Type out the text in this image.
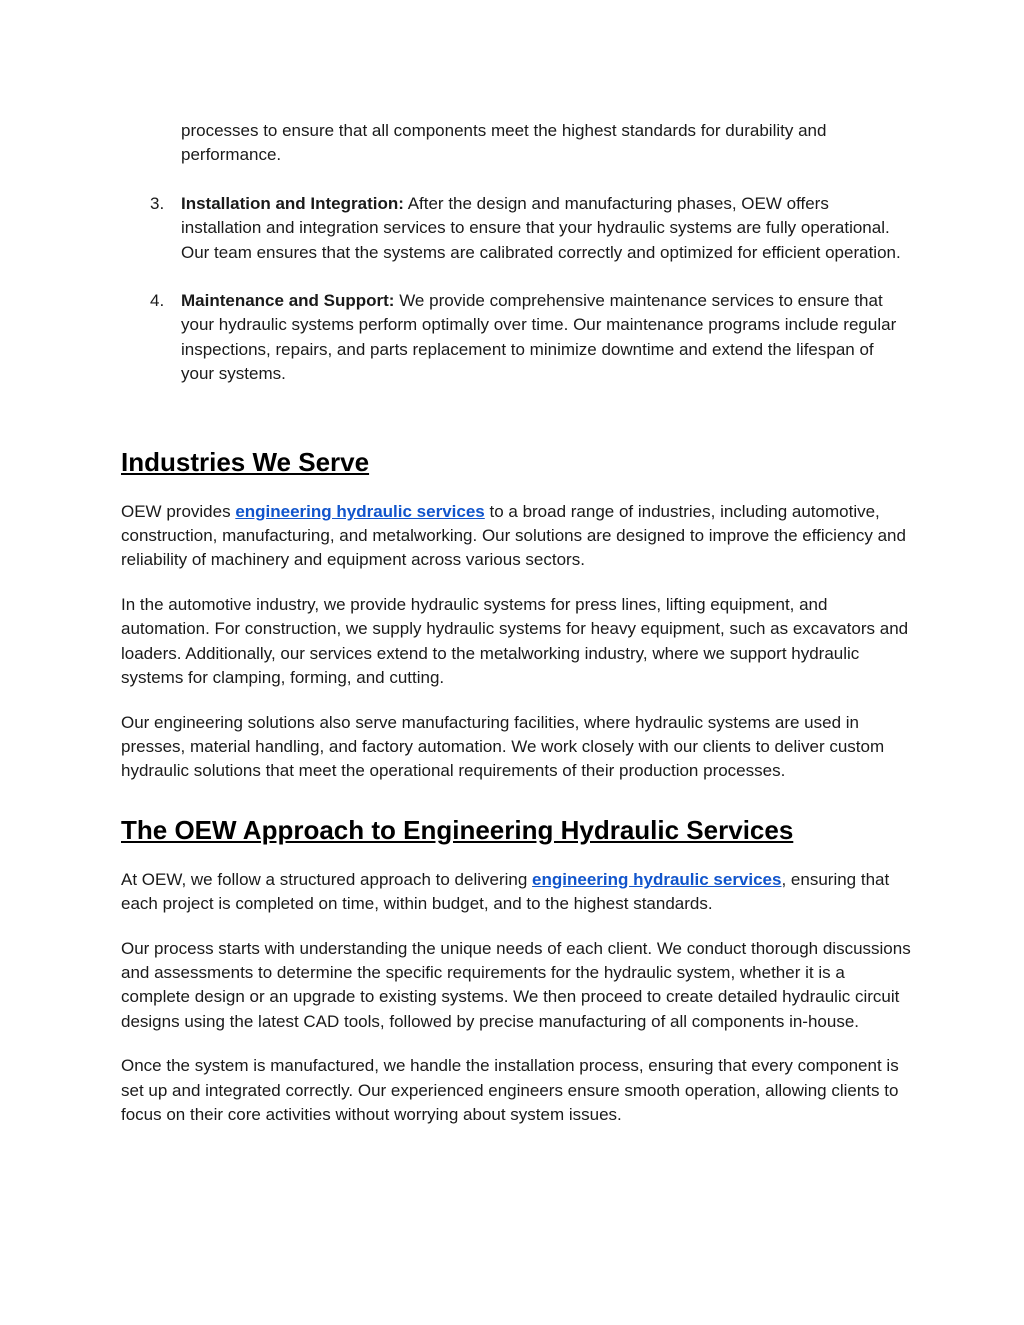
processes to ensure that all components meet the highest standards for durability and performance.

3. Installation and Integration: After the design and manufacturing phases, OEW offers installation and integration services to ensure that your hydraulic systems are fully operational. Our team ensures that the systems are calibrated correctly and optimized for efficient operation.

4. Maintenance and Support: We provide comprehensive maintenance services to ensure that your hydraulic systems perform optimally over time. Our maintenance programs include regular inspections, repairs, and parts replacement to minimize downtime and extend the lifespan of your systems.

Industries We Serve

OEW provides engineering hydraulic services to a broad range of industries, including automotive, construction, manufacturing, and metalworking. Our solutions are designed to improve the efficiency and reliability of machinery and equipment across various sectors.

In the automotive industry, we provide hydraulic systems for press lines, lifting equipment, and automation. For construction, we supply hydraulic systems for heavy equipment, such as excavators and loaders. Additionally, our services extend to the metalworking industry, where we support hydraulic systems for clamping, forming, and cutting.

Our engineering solutions also serve manufacturing facilities, where hydraulic systems are used in presses, material handling, and factory automation. We work closely with our clients to deliver custom hydraulic solutions that meet the operational requirements of their production processes.

The OEW Approach to Engineering Hydraulic Services

At OEW, we follow a structured approach to delivering engineering hydraulic services, ensuring that each project is completed on time, within budget, and to the highest standards.

Our process starts with understanding the unique needs of each client. We conduct thorough discussions and assessments to determine the specific requirements for the hydraulic system, whether it is a complete design or an upgrade to existing systems. We then proceed to create detailed hydraulic circuit designs using the latest CAD tools, followed by precise manufacturing of all components in-house.

Once the system is manufactured, we handle the installation process, ensuring that every component is set up and integrated correctly. Our experienced engineers ensure smooth operation, allowing clients to focus on their core activities without worrying about system issues.
